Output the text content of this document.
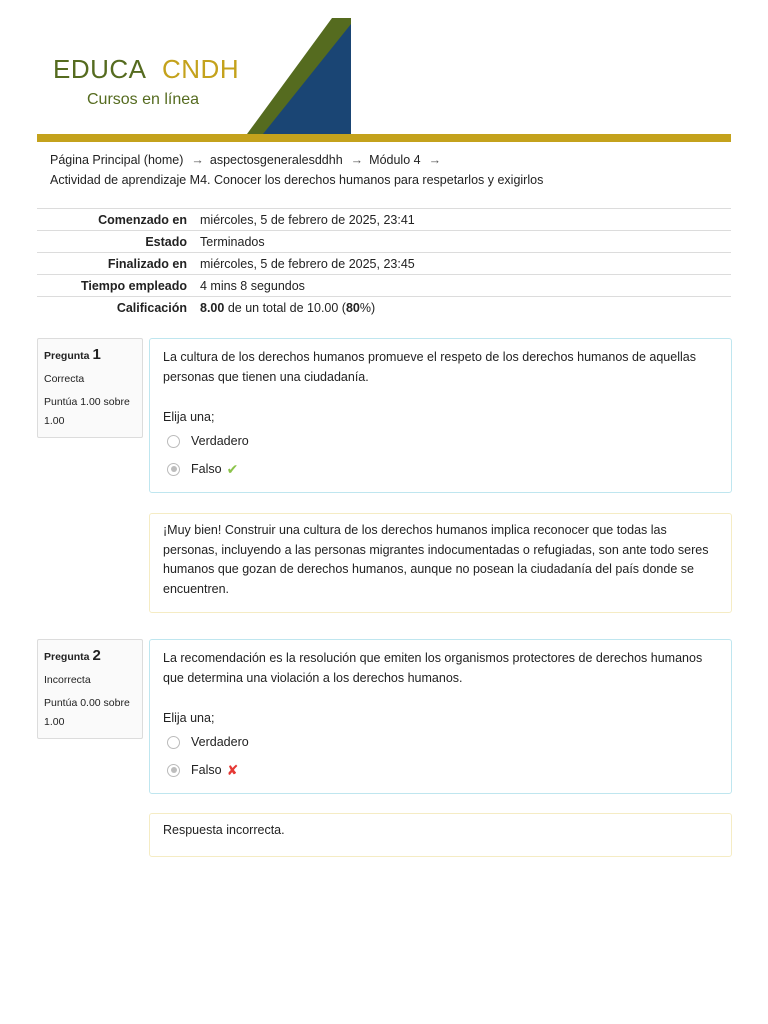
EDUCA CNDH
Cursos en línea
Página Principal (home) → aspectosgeneralesddhh → Módulo 4 →
Actividad de aprendizaje M4. Conocer los derechos humanos para respetarlos y exigirlos
Comenzado en	miércoles, 5 de febrero de 2025, 23:41
Estado	Terminados
Finalizado en	miércoles, 5 de febrero de 2025, 23:45
Tiempo empleado	4 mins 8 segundos
Calificación	8.00 de un total de 10.00 (80%)
Pregunta 1
Correcta
Puntúa 1.00 sobre 1.00
La cultura de los derechos humanos promueve el respeto de los derechos humanos de aquellas personas que tienen una ciudadanía.
Elija una;
Verdadero
Falso ✔
¡Muy bien! Construir una cultura de los derechos humanos implica reconocer que todas las personas, incluyendo a las personas migrantes indocumentadas o refugiadas, son ante todo seres humanos que gozan de derechos humanos, aunque no posean la ciudadanía del país donde se encuentren.
Pregunta 2
Incorrecta
Puntúa 0.00 sobre 1.00
La recomendación es la resolución que emiten los organismos protectores de derechos humanos que determina una violación a los derechos humanos.
Elija una;
Verdadero
Falso ✘
Respuesta incorrecta.
